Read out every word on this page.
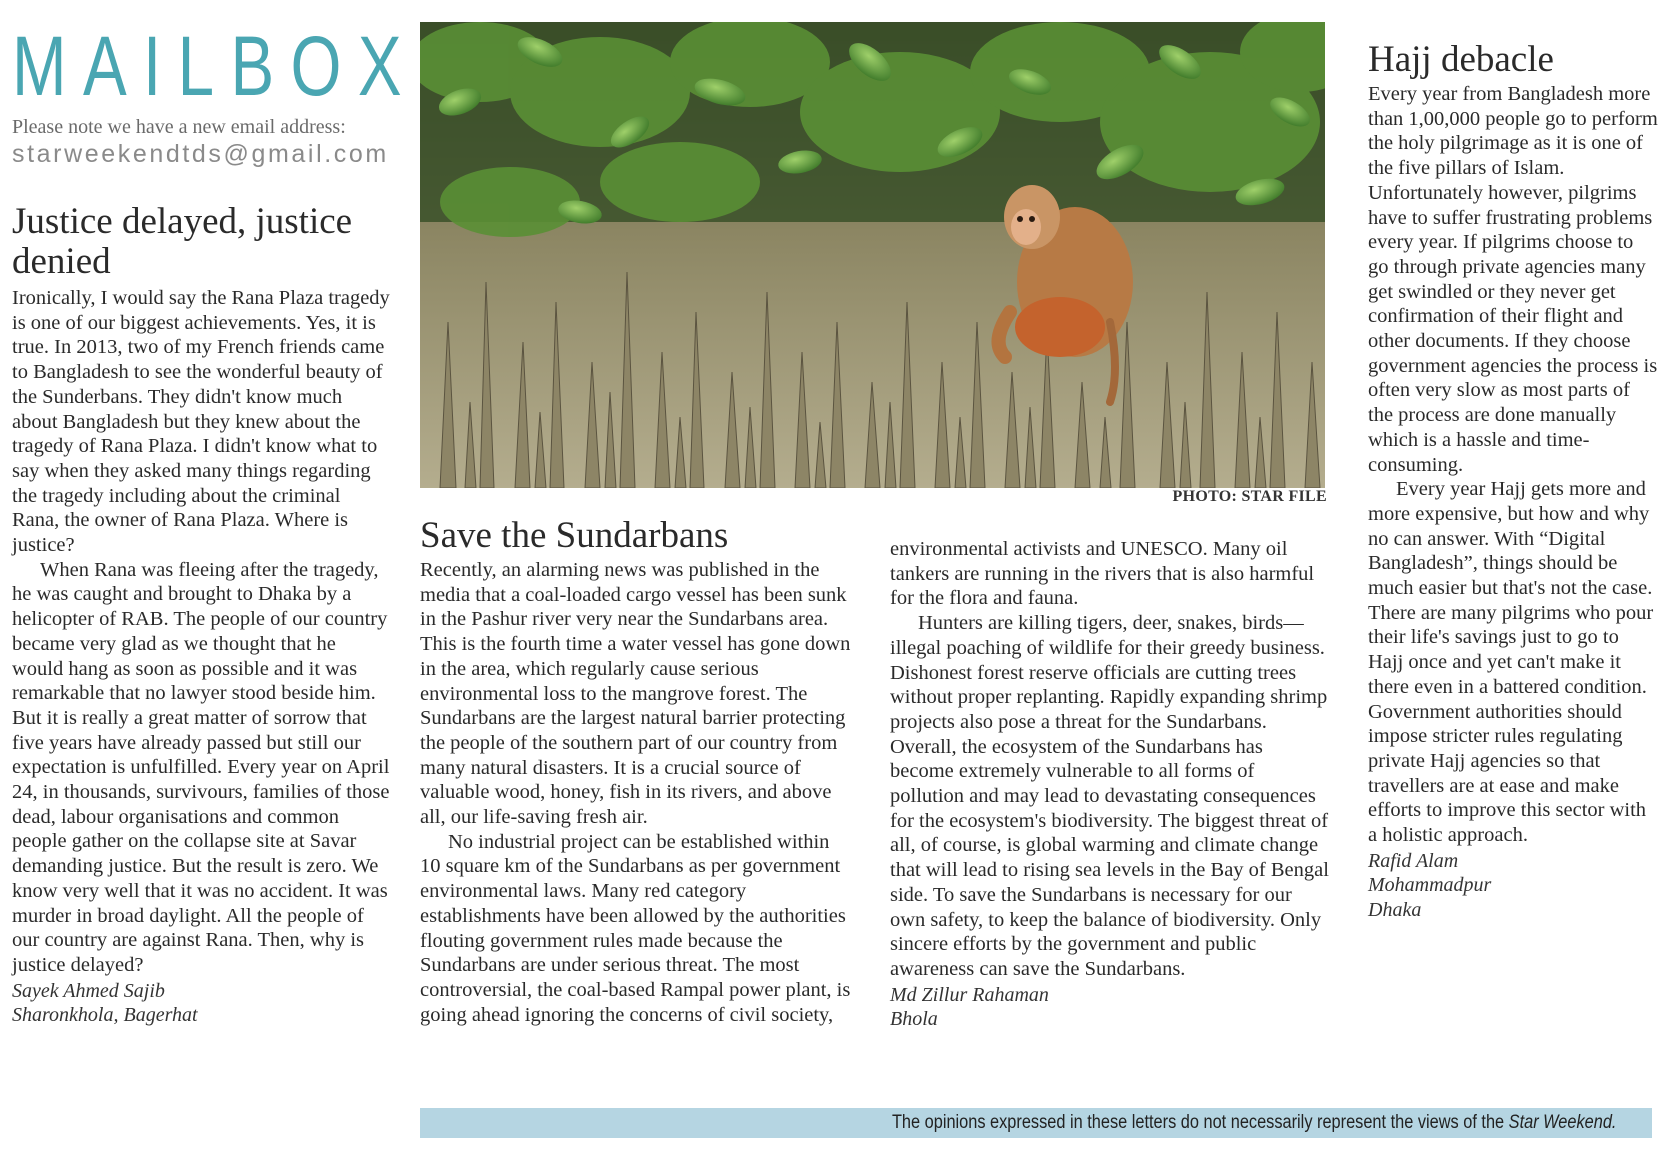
MAILBOX
Please note we have a new email address:
starweekendtds@gmail.com
Justice delayed, justice denied

Ironically, I would say the Rana Plaza tragedy is one of our biggest achievements. Yes, it is true. In 2013, two of my French friends came to Bangladesh to see the wonderful beauty of the Sunderbans. They didn't know much about Bangladesh but they knew about the tragedy of Rana Plaza. I didn't know what to say when they asked many things regarding the tragedy including about the criminal Rana, the owner of Rana Plaza. Where is justice?

When Rana was fleeing after the tragedy, he was caught and brought to Dhaka by a helicopter of RAB. The people of our country became very glad as we thought that he would hang as soon as possible and it was remarkable that no lawyer stood beside him. But it is really a great matter of sorrow that five years have already passed but still our expectation is unfulfilled. Every year on April 24, in thousands, survivours, families of those dead, labour organisations and common people gather on the collapse site at Savar demanding justice. But the result is zero. We know very well that it was no accident. It was murder in broad daylight. All the people of our country are against Rana. Then, why is justice delayed?

Sayek Ahmed Sajib
Sharonkhola, Bagerhat
PHOTO: STAR FILE
Save the Sundarbans

Recently, an alarming news was published in the media that a coal-loaded cargo vessel has been sunk in the Pashur river very near the Sundarbans area. This is the fourth time a water vessel has gone down in the area, which regularly cause serious environmental loss to the mangrove forest. The Sundarbans are the largest natural barrier protecting the people of the southern part of our country from many natural disasters. It is a crucial source of valuable wood, honey, fish in its rivers, and above all, our life-saving fresh air.

No industrial project can be established within 10 square km of the Sundarbans as per government environmental laws. Many red category establishments have been allowed by the authorities flouting government rules made because the Sundarbans are under serious threat. The most controversial, the coal-based Rampal power plant, is going ahead ignoring the concerns of civil society,

environmental activists and UNESCO. Many oil tankers are running in the rivers that is also harmful for the flora and fauna.

Hunters are killing tigers, deer, snakes, birds—illegal poaching of wildlife for their greedy business. Dishonest forest reserve officials are cutting trees without proper replanting. Rapidly expanding shrimp projects also pose a threat for the Sundarbans. Overall, the ecosystem of the Sundarbans has become extremely vulnerable to all forms of pollution and may lead to devastating consequences for the ecosystem's biodiversity. The biggest threat of all, of course, is global warming and climate change that will lead to rising sea levels in the Bay of Bengal side. To save the Sundarbans is necessary for our own safety, to keep the balance of biodiversity. Only sincere efforts by the government and public awareness can save the Sundarbans.

Md Zillur Rahaman
Bhola
Hajj debacle

Every year from Bangladesh more than 1,00,000 people go to perform the holy pilgrimage as it is one of the five pillars of Islam. Unfortunately however, pilgrims have to suffer frustrating problems every year. If pilgrims choose to go through private agencies many get swindled or they never get confirmation of their flight and other documents. If they choose government agencies the process is often very slow as most parts of the process are done manually which is a hassle and time-consuming.

Every year Hajj gets more and more expensive, but how and why no can answer. With “Digital Bangladesh”, things should be much easier but that's not the case. There are many pilgrims who pour their life's savings just to go to Hajj once and yet can't make it there even in a battered condition. Government authorities should impose stricter rules regulating private Hajj agencies so that travellers are at ease and make efforts to improve this sector with a holistic approach.

Rafid Alam
Mohammadpur
Dhaka
The opinions expressed in these letters do not necessarily represent the views of the Star Weekend.
